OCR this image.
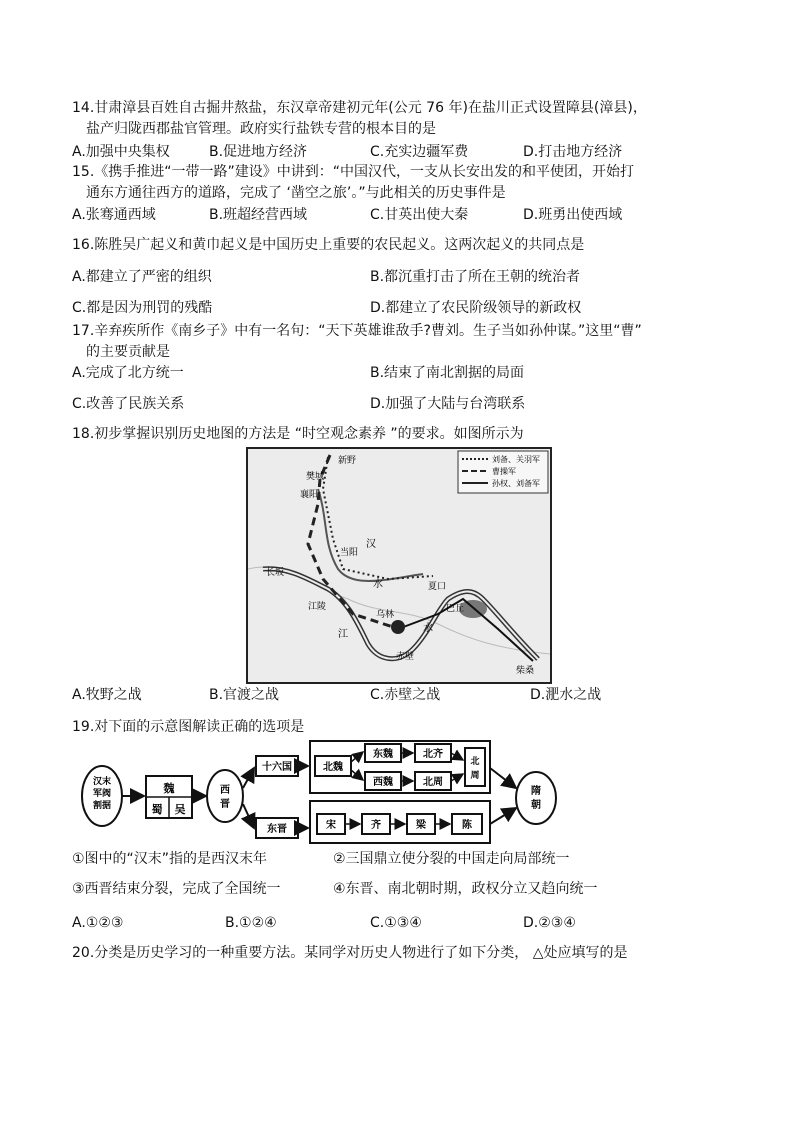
14.甘肃漳县百姓自古掘井熬盐，东汉章帝建初元年(公元 76 年)在盐川正式设置障县(漳县)，
盐产归陇西郡盐官管理。政府实行盐铁专营的根本目的是
A.加强中央集权	B.促进地方经济	C.充实边疆军费	D.打击地方经济
15.《携手推进“一带一路”建设》中讲到：“中国汉代，一支从长安出发的和平使团，开始打
通东方通往西方的道路，完成了 ‘凿空之旅’。”与此相关的历史事件是
A.张骞通西域	B.班超经营西域	C.甘英出使大秦	D.班勇出使西域
16.陈胜吴广起义和黄巾起义是中国历史上重要的农民起义。这两次起义的共同点是
A.都建立了严密的组织	B.都沉重打击了所在王朝的统治者
C.都是因为刑罚的残酷	D.都建立了农民阶级领导的新政权
17.辛弃疾所作《南乡子》中有一名句：“天下英雄谁敌手?曹刘。生子当如孙仲谋。”这里“曹”
的主要贡献是
A.完成了北方统一	B.结束了南北割据的局面
C.改善了民族关系	D.加强了大陆与台湾联系
18.初步掌握识别历史地图的方法是 “时空观念素养 ”的要求。如图所示为
刘备、关羽军
曹操军
孙权、刘备军
新野
樊城
襄阳
汉
当阳
水	夏口
长坂
江陵
乌林
赤壁
江
巴丘
水
柴桑
A.牧野之战	B.官渡之战	C.赤壁之战	D.淝水之战
19.对下面的示意图解读正确的选项是
汉末
军阀
割据
魏
蜀 吴
西
晋
十六国
东晋
北魏
东魏
西魏
北齐
北周
北
周
宋	齐	梁	陈
隋
朝
①图中的“汉末”指的是西汉末年	②三国鼎立使分裂的中国走向局部统一
③西晋结束分裂，完成了全国统一	④东晋、南北朝时期，政权分立又趋向统一
A.①②③	B.①②④	C.①③④	D.②③④
20.分类是历史学习的一种重要方法。某同学对历史人物进行了如下分类， △处应填写的是
